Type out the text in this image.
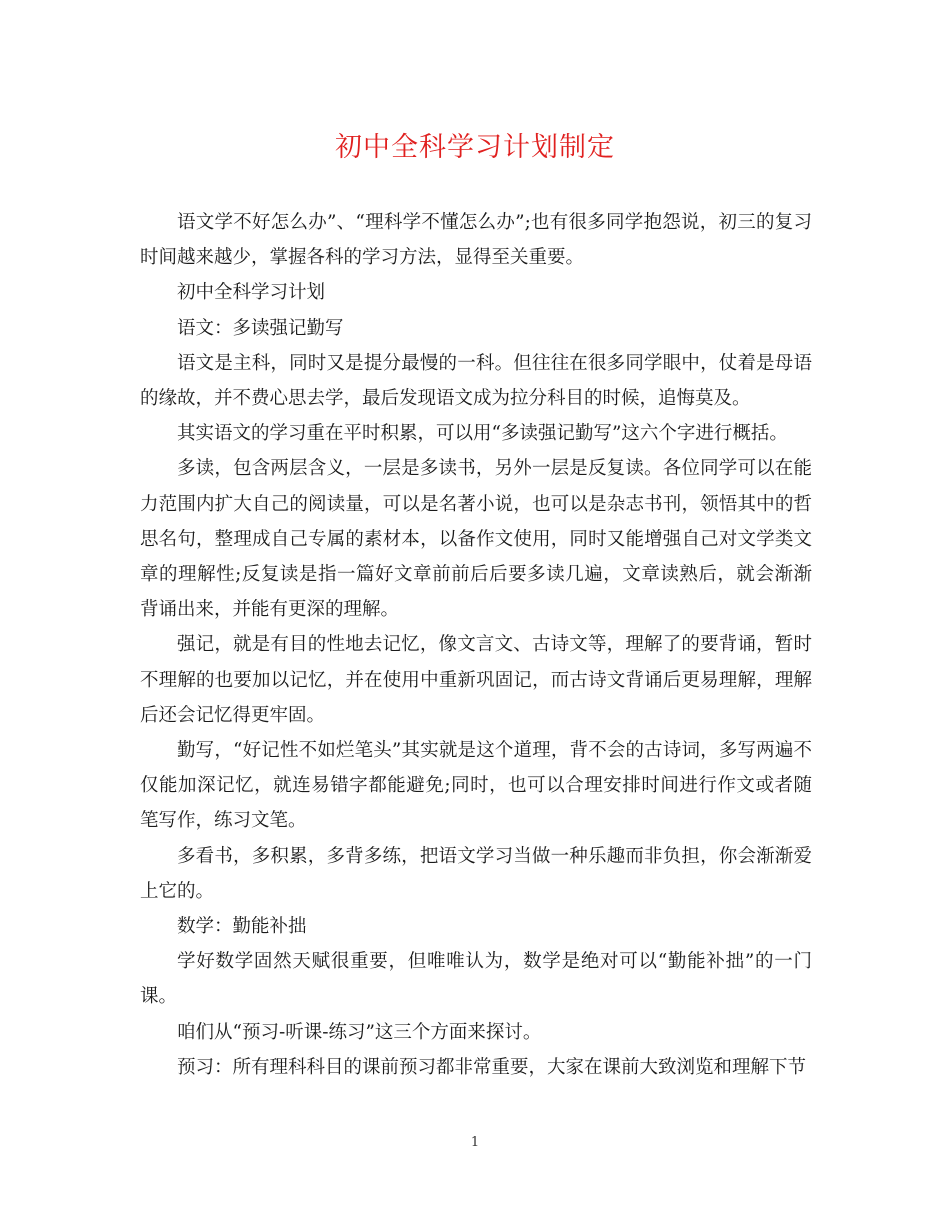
初中全科学习计划制定

语文学不好怎么办”、“理科学不懂怎么办”;也有很多同学抱怨说，初三的复习时间越来越少，掌握各科的学习方法，显得至关重要。

初中全科学习计划

语文：多读强记勤写

语文是主科，同时又是提分最慢的一科。但往往在很多同学眼中，仗着是母语的缘故，并不费心思去学，最后发现语文成为拉分科目的时候，追悔莫及。

其实语文的学习重在平时积累，可以用“多读强记勤写”这六个字进行概括。

多读，包含两层含义，一层是多读书，另外一层是反复读。各位同学可以在能力范围内扩大自己的阅读量，可以是名著小说，也可以是杂志书刊，领悟其中的哲思名句，整理成自己专属的素材本，以备作文使用，同时又能增强自己对文学类文章的理解性;反复读是指一篇好文章前前后后要多读几遍，文章读熟后，就会渐渐背诵出来，并能有更深的理解。

强记，就是有目的性地去记忆，像文言文、古诗文等，理解了的要背诵，暂时不理解的也要加以记忆，并在使用中重新巩固记，而古诗文背诵后更易理解，理解后还会记忆得更牢固。

勤写，“好记性不如烂笔头”其实就是这个道理，背不会的古诗词，多写两遍不仅能加深记忆，就连易错字都能避免;同时，也可以合理安排时间进行作文或者随笔写作，练习文笔。

多看书，多积累，多背多练，把语文学习当做一种乐趣而非负担，你会渐渐爱上它的。

数学：勤能补拙

学好数学固然天赋很重要，但唯唯认为，数学是绝对可以“勤能补拙”的一门课。

咱们从“预习-听课-练习”这三个方面来探讨。

预习：所有理科科目的课前预习都非常重要，大家在课前大致浏览和理解下节

1
